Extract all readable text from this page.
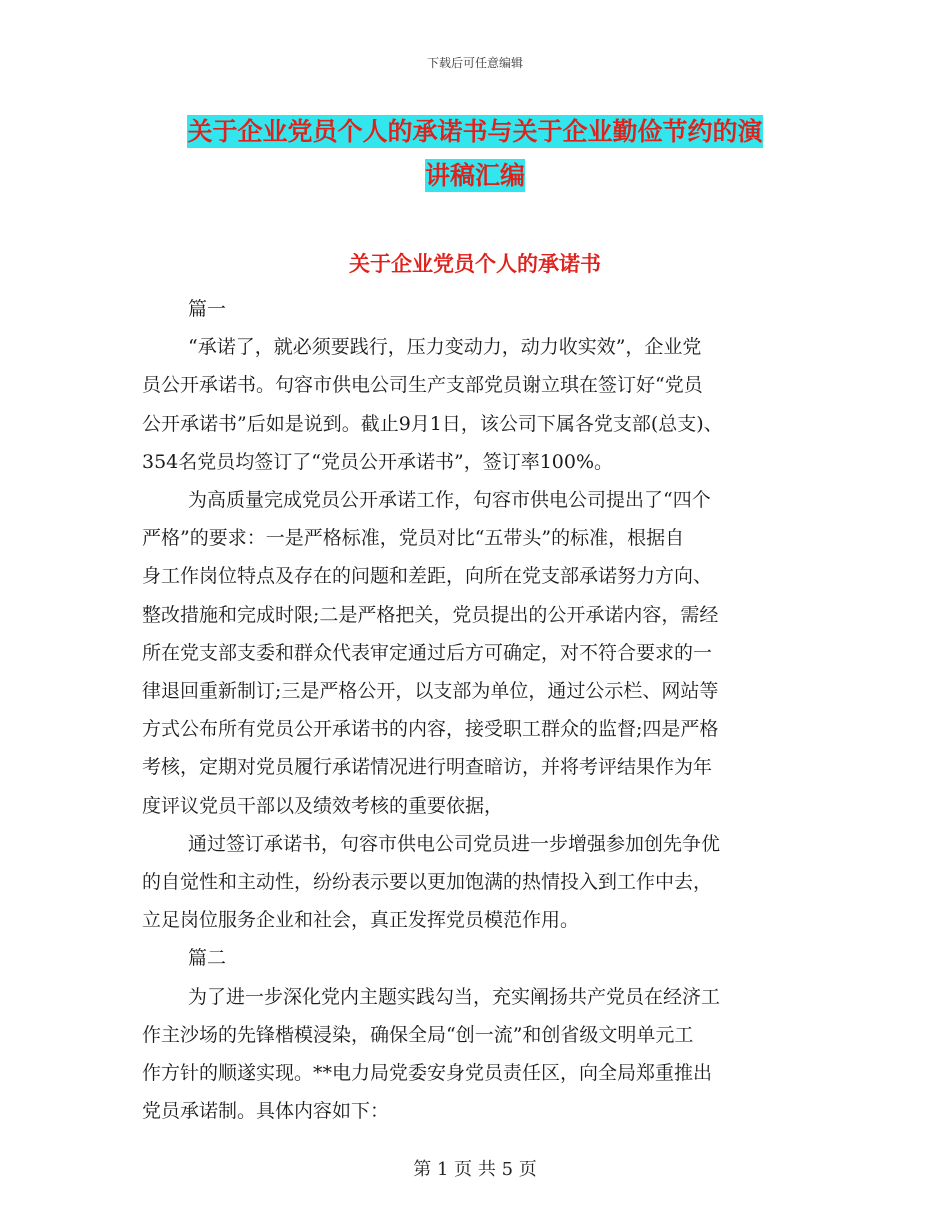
下载后可任意编辑
关于企业党员个人的承诺书与关于企业勤俭节约的演
讲稿汇编
关于企业党员个人的承诺书

篇一

“承诺了，就必须要践行，压力变动力，动力收实效”，企业党

员公开承诺书。句容市供电公司生产支部党员谢立琪在签订好“党员

公开承诺书”后如是说到。截止9月1日，该公司下属各党支部(总支)、

354名党员均签订了“党员公开承诺书”，签订率100%。

为高质量完成党员公开承诺工作，句容市供电公司提出了“四个

严格”的要求：一是严格标准，党员对比“五带头”的标准，根据自

身工作岗位特点及存在的问题和差距，向所在党支部承诺努力方向、

整改措施和完成时限;二是严格把关，党员提出的公开承诺内容，需经

所在党支部支委和群众代表审定通过后方可确定，对不符合要求的一

律退回重新制订;三是严格公开，以支部为单位，通过公示栏、网站等

方式公布所有党员公开承诺书的内容，接受职工群众的监督;四是严格

考核，定期对党员履行承诺情况进行明查暗访，并将考评结果作为年

度评议党员干部以及绩效考核的重要依据，

通过签订承诺书，句容市供电公司党员进一步增强参加创先争优

的自觉性和主动性，纷纷表示要以更加饱满的热情投入到工作中去，

立足岗位服务企业和社会，真正发挥党员模范作用。

篇二

为了进一步深化党内主题实践勾当，充实阐扬共产党员在经济工

作主沙场的先锋楷模浸染，确保全局“创一流”和创省级文明单元工

作方针的顺遂实现。**电力局党委安身党员责任区，向全局郑重推出

党员承诺制。具体内容如下：

第 1 页 共 5 页
